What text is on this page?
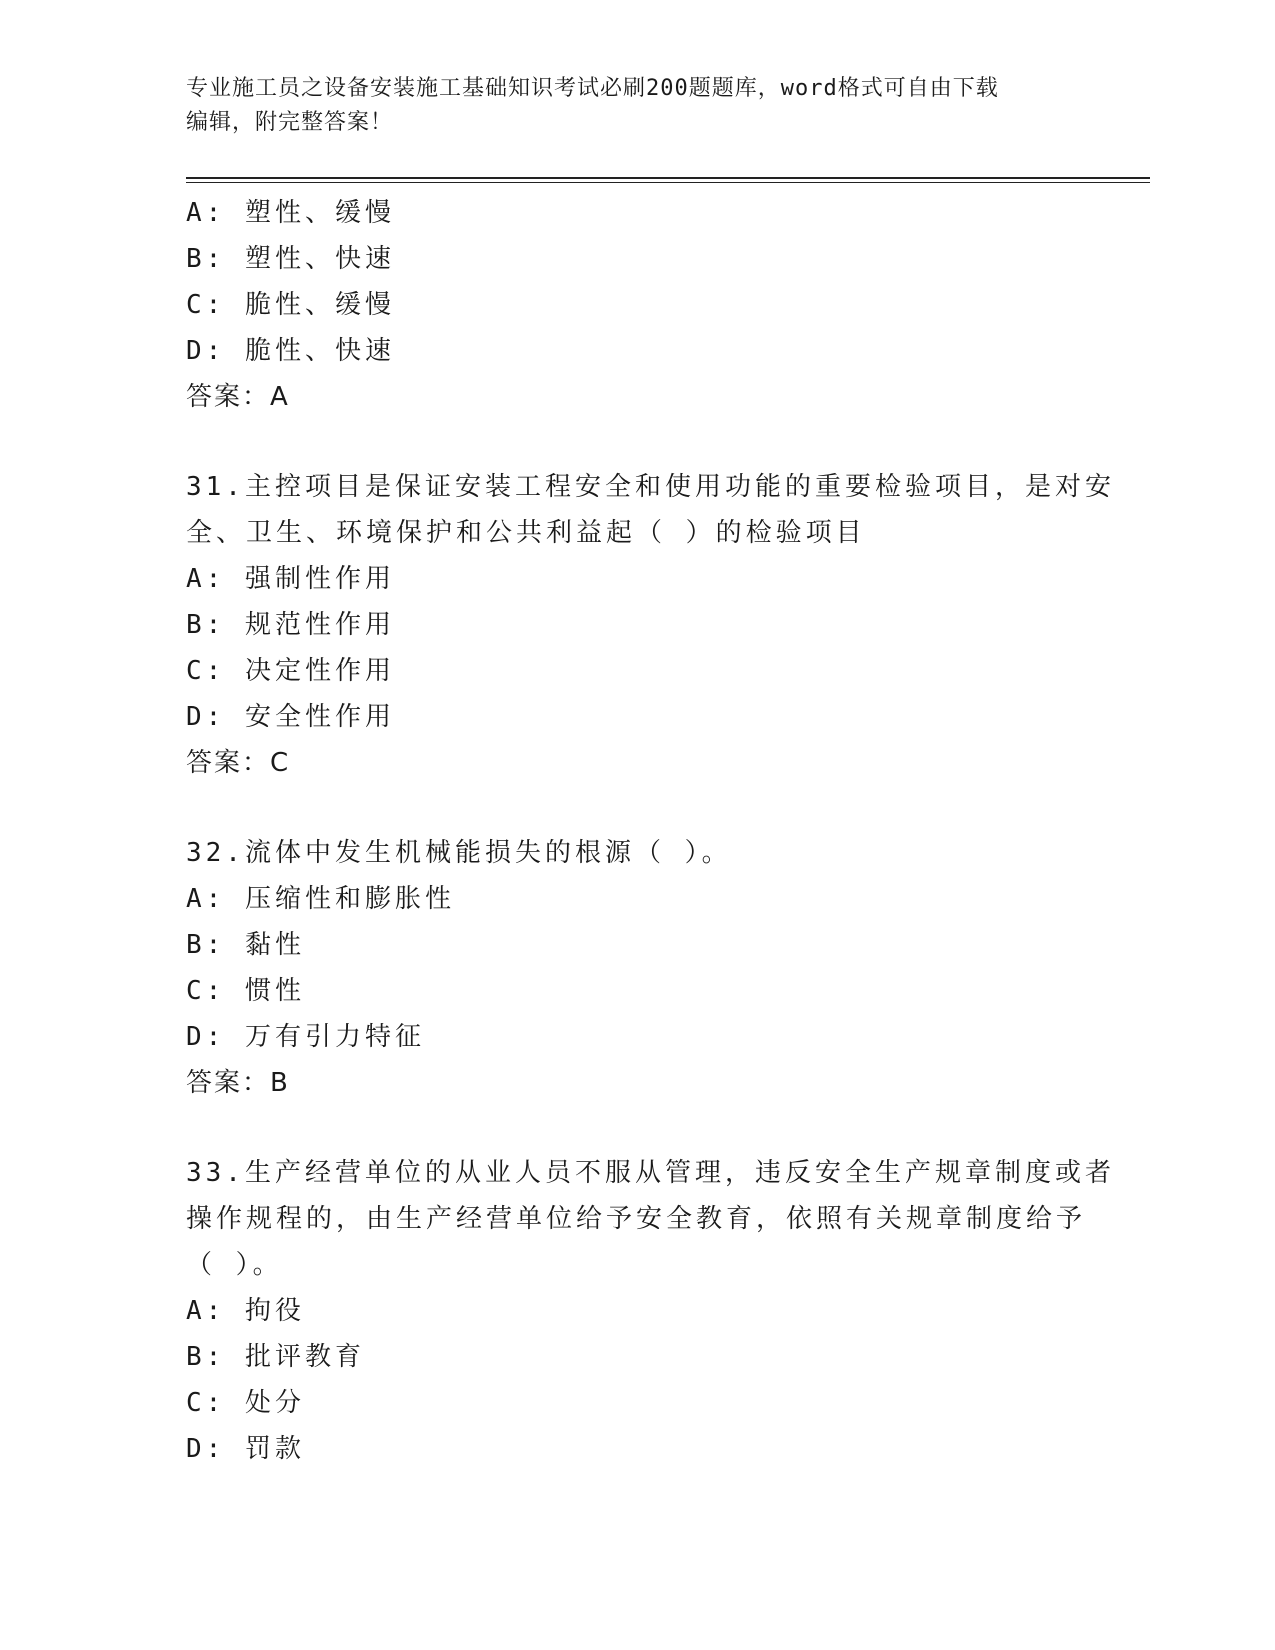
专业施工员之设备安装施工基础知识考试必刷200题题库，word格式可自由下载
编辑，附完整答案！
A: 塑性、缓慢
B: 塑性、快速
C: 脆性、缓慢
D: 脆性、快速
答案：A
31.主控项目是保证安装工程安全和使用功能的重要检验项目，是对安
全、卫生、环境保护和公共利益起（ ）的检验项目
A: 强制性作用
B: 规范性作用
C: 决定性作用
D: 安全性作用
答案：C
32.流体中发生机械能损失的根源（ ）。
A: 压缩性和膨胀性
B: 黏性
C: 惯性
D: 万有引力特征
答案：B
33.生产经营单位的从业人员不服从管理，违反安全生产规章制度或者
操作规程的，由生产经营单位给予安全教育，依照有关规章制度给予
（ ）。
A: 拘役
B: 批评教育
C: 处分
D: 罚款
